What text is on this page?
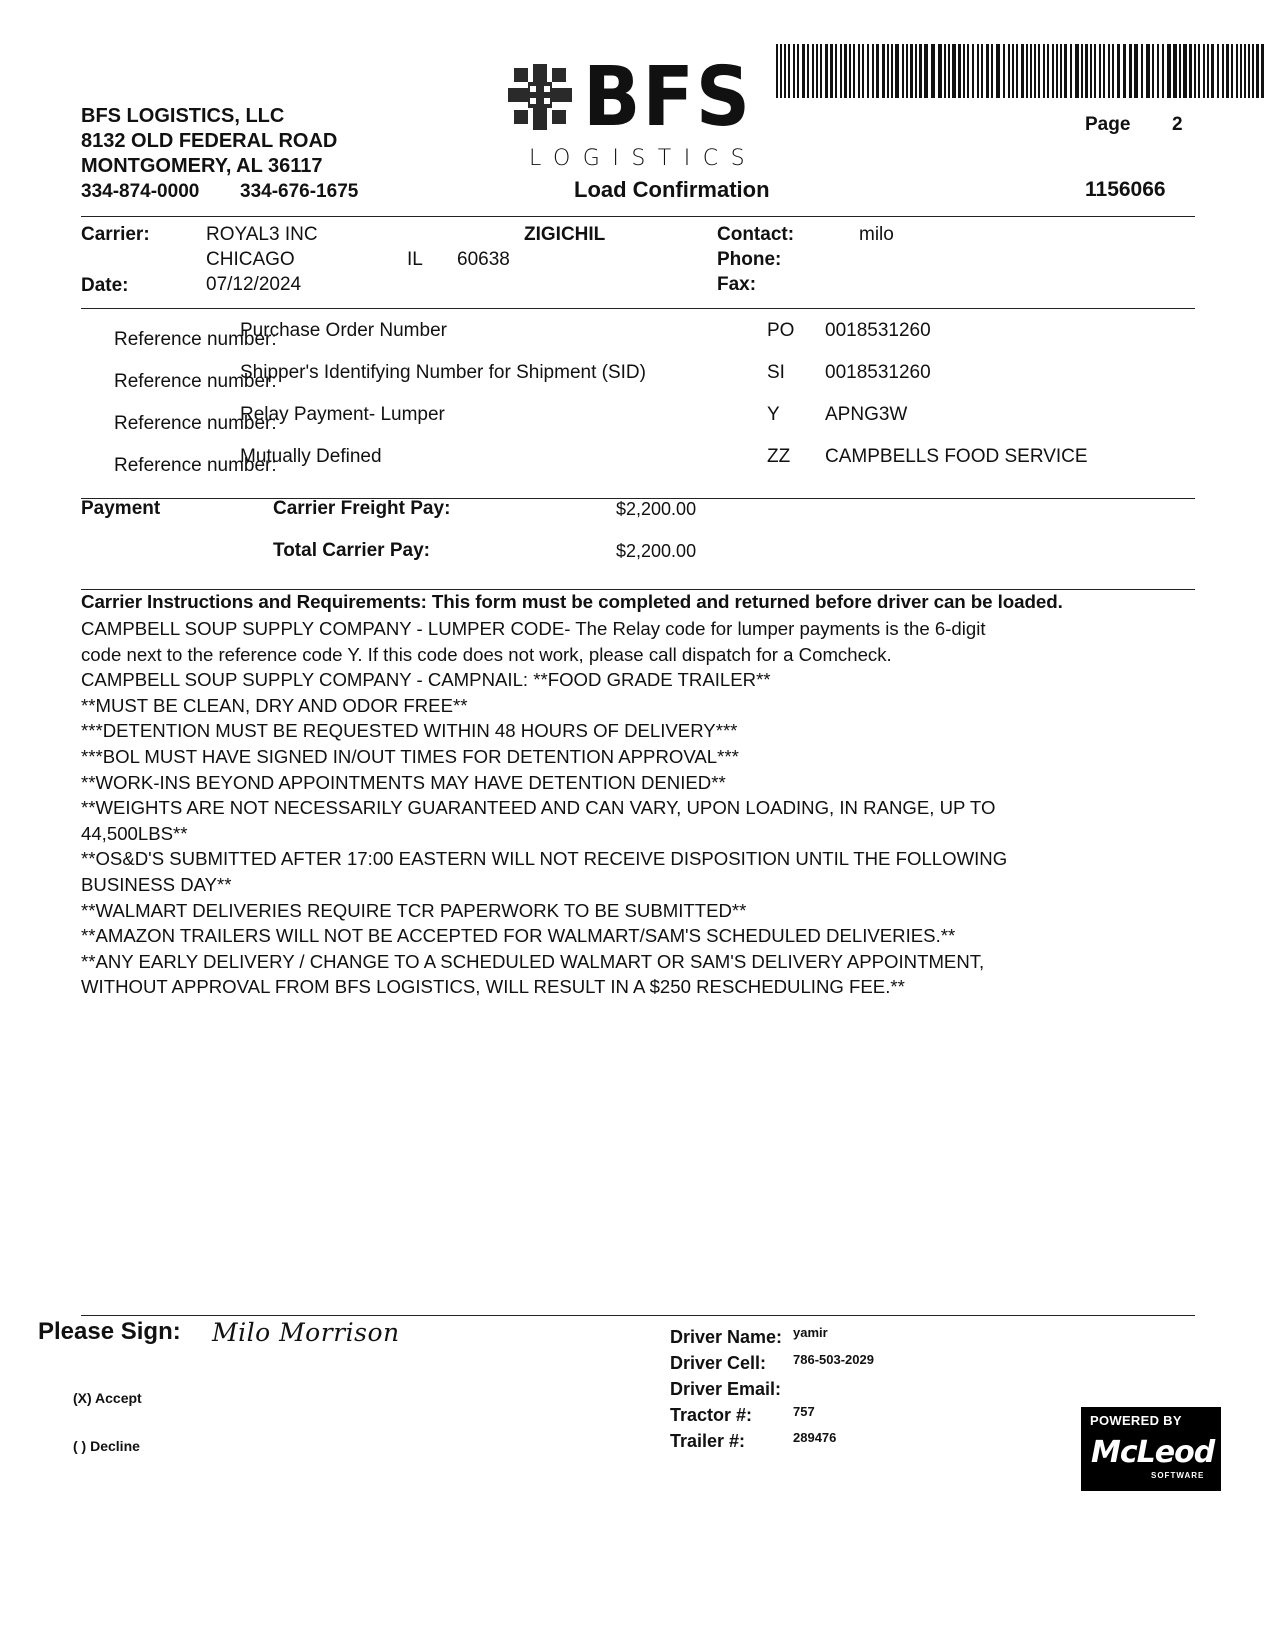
BFS LOGISTICS, LLC
8132 OLD FEDERAL ROAD
MONTGOMERY, AL 36117
334-874-0000 334-676-1675
BFS
LOGISTICS
Page 2
Load Confirmation	1156066
Carrier:	ROYAL3 INC
CHICAGO	IL 60638
ZIGICHIL
Date:	07/12/2024
Contact:	milo
Phone:
Fax:
Reference number:
Purchase Order Number	PO 0018531260
Reference number:
Shipper's Identifying Number for Shipment (SID)	SI 0018531260
Reference number:
Relay Payment- Lumper	Y APNG3W
Reference number:
Mutually Defined	ZZ CAMPBELLS FOOD SERVICE
Payment	Carrier Freight Pay:	$2,200.00
Total Carrier Pay:	$2,200.00
Carrier Instructions and Requirements: This form must be completed and returned before driver can be loaded.
CAMPBELL SOUP SUPPLY COMPANY - LUMPER CODE- The Relay code for lumper payments is the 6-digit
code next to the reference code Y. If this code does not work, please call dispatch for a Comcheck.
CAMPBELL SOUP SUPPLY COMPANY - CAMPNAIL: **FOOD GRADE TRAILER**
**MUST BE CLEAN, DRY AND ODOR FREE**
***DETENTION MUST BE REQUESTED WITHIN 48 HOURS OF DELIVERY***
***BOL MUST HAVE SIGNED IN/OUT TIMES FOR DETENTION APPROVAL***
**WORK-INS BEYOND APPOINTMENTS MAY HAVE DETENTION DENIED**
**WEIGHTS ARE NOT NECESSARILY GUARANTEED AND CAN VARY, UPON LOADING, IN RANGE, UP TO
44,500LBS**
**OS&D'S SUBMITTED AFTER 17:00 EASTERN WILL NOT RECEIVE DISPOSITION UNTIL THE FOLLOWING
BUSINESS DAY**
**WALMART DELIVERIES REQUIRE TCR PAPERWORK TO BE SUBMITTED**
**AMAZON TRAILERS WILL NOT BE ACCEPTED FOR WALMART/SAM'S SCHEDULED DELIVERIES.**
**ANY EARLY DELIVERY / CHANGE TO A SCHEDULED WALMART OR SAM'S DELIVERY APPOINTMENT,
WITHOUT APPROVAL FROM BFS LOGISTICS, WILL RESULT IN A $250 RESCHEDULING FEE.**
Please Sign: Milo Morrison
(X) Accept
( ) Decline
Driver Name: yamir
Driver Cell: 786-503-2029
Driver Email:
Tractor #:	757
Trailer #:	289476
POWERED BY
McLeod
SOFTWARE
